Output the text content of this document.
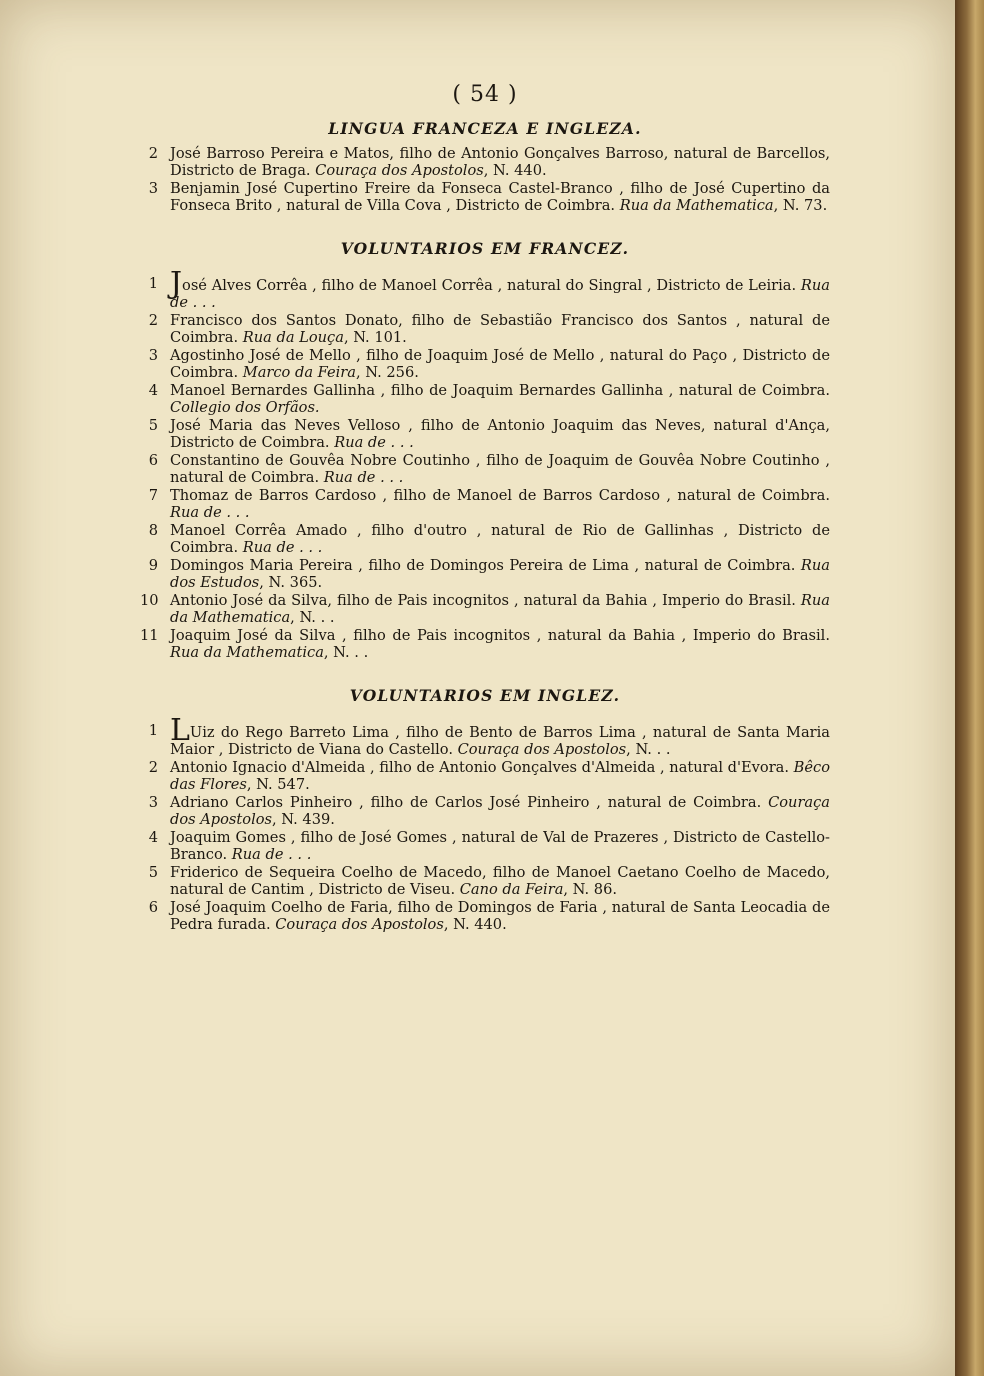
( 54 )
LINGUA FRANCEZA E INGLEZA.
2 José Barroso Pereira e Matos, filho de Antonio Gonçalves Barroso, natural de Barcellos, Districto de Braga. Couraça dos Apostolos, N. 440.
3 Benjamin José Cupertino Freire da Fonseca Castel-Branco , filho de José Cupertino da Fonseca Brito , natural de Villa Cova , Districto de Coimbra. Rua da Mathematica, N. 73.
VOLUNTARIOS EM FRANCEZ.
1 José Alves Corrêa , filho de Manoel Corrêa , natural do Singral , Districto de Leiria. Rua de . . .
2 Francisco dos Santos Donato, filho de Sebastião Francisco dos Santos , natural de Coimbra. Rua da Louça, N. 101.
3 Agostinho José de Mello , filho de Joaquim José de Mello , natural do Paço , Districto de Coimbra. Marco da Feira, N. 256.
4 Manoel Bernardes Gallinha , filho de Joaquim Bernardes Gallinha , natural de Coimbra. Collegio dos Orfãos.
5 José Maria das Neves Velloso , filho de Antonio Joaquim das Neves, natural d'Ança, Districto de Coimbra. Rua de . . .
6 Constantino de Gouvêa Nobre Coutinho , filho de Joaquim de Gouvêa Nobre Coutinho , natural de Coimbra. Rua de . . .
7 Thomaz de Barros Cardoso , filho de Manoel de Barros Cardoso , natural de Coimbra. Rua de . . .
8 Manoel Corrêa Amado , filho d'outro , natural de Rio de Gallinhas , Districto de Coimbra. Rua de . . .
9 Domingos Maria Pereira , filho de Domingos Pereira de Lima , natural de Coimbra. Rua dos Estudos, N. 365.
10 Antonio José da Silva, filho de Pais incognitos , natural da Bahia , Imperio do Brasil. Rua da Mathematica, N. . .
11 Joaquim José da Silva , filho de Pais incognitos , natural da Bahia , Imperio do Brasil. Rua da Mathematica, N. . .
VOLUNTARIOS EM INGLEZ.
1 LUiz do Rego Barreto Lima , filho de Bento de Barros Lima , natural de Santa Maria Maior , Districto de Viana do Castello. Couraça dos Apostolos, N. . .
2 Antonio Ignacio d'Almeida , filho de Antonio Gonçalves d'Almeida , natural d'Evora. Bêco das Flores, N. 547.
3 Adriano Carlos Pinheiro , filho de Carlos José Pinheiro , natural de Coimbra. Couraça dos Apostolos, N. 439.
4 Joaquim Gomes , filho de José Gomes , natural de Val de Prazeres , Districto de Castello-Branco. Rua de . . .
5 Friderico de Sequeira Coelho de Macedo, filho de Manoel Caetano Coelho de Macedo, natural de Cantim , Districto de Viseu. Cano da Feira, N. 86.
6 José Joaquim Coelho de Faria, filho de Domingos de Faria , natural de Santa Leocadia de Pedra furada. Couraça dos Apostolos, N. 440.
